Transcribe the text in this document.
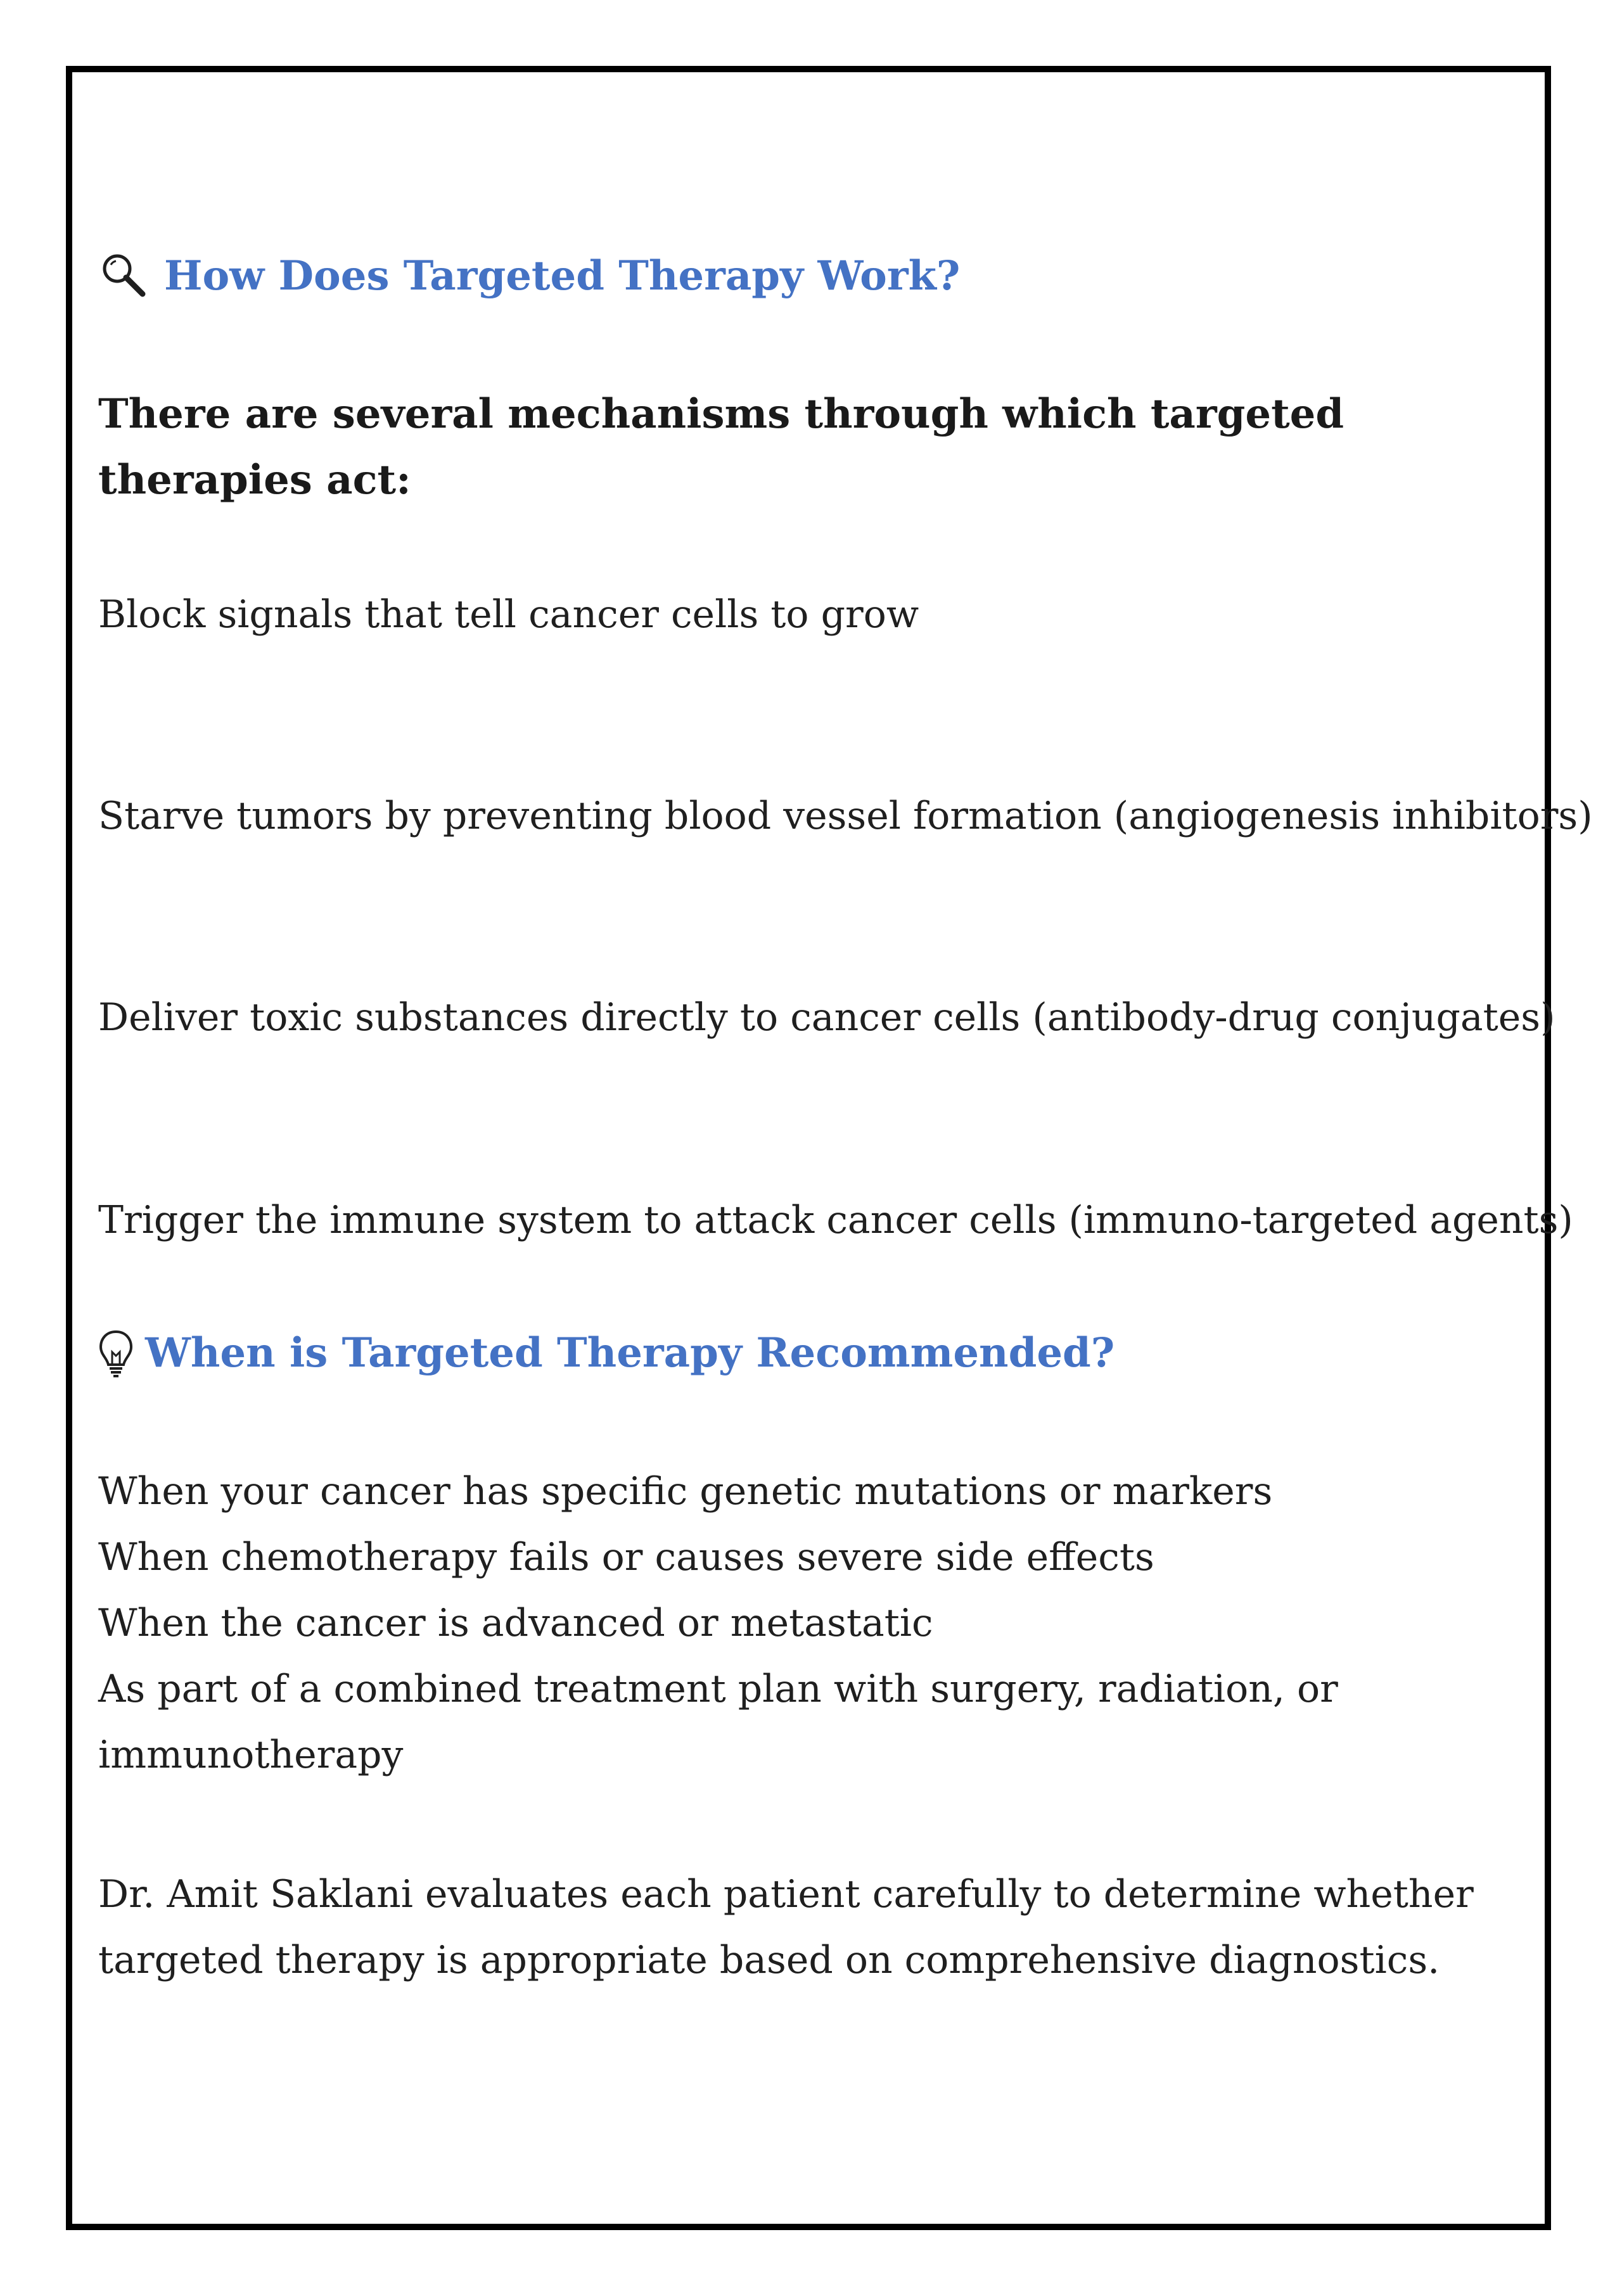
How Does Targeted Therapy Work?
There are several mechanisms through which targeted therapies act:
Block signals that tell cancer cells to grow
Starve tumors by preventing blood vessel formation (angiogenesis inhibitors)
Deliver toxic substances directly to cancer cells (antibody-drug conjugates)
Trigger the immune system to attack cancer cells (immuno-targeted agents)
When is Targeted Therapy Recommended?
When your cancer has specific genetic mutations or markers
When chemotherapy fails or causes severe side effects
When the cancer is advanced or metastatic
As part of a combined treatment plan with surgery, radiation, or
immunotherapy
Dr. Amit Saklani evaluates each patient carefully to determine whether targeted therapy is appropriate based on comprehensive diagnostics.
